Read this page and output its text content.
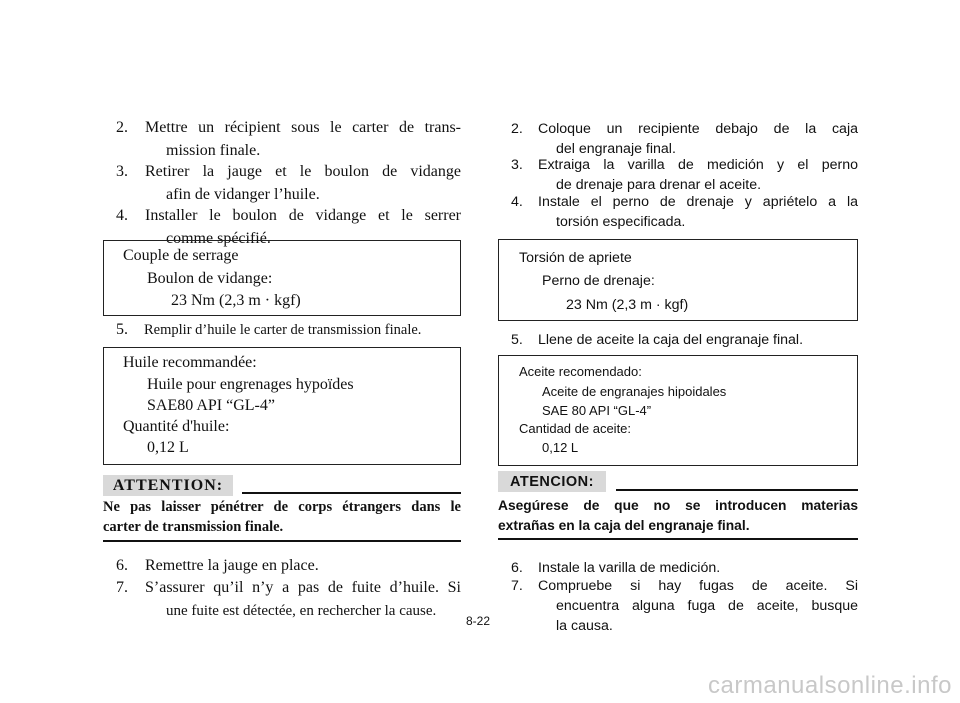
2. Mettre un récipient sous le carter de trans-
mission finale.
3. Retirer la jauge et le boulon de vidange
afin de vidanger l’huile.
4. Installer le boulon de vidange et le serrer
comme spécifié.
Couple de serrage
Boulon de vidange:
23 Nm (2,3 m · kgf)
5. Remplir d’huile le carter de transmission finale.
Huile recommandée:
Huile pour engrenages hypoïdes
SAE80 API “GL-4”
Quantité d'huile:
0,12 L
ATTENTION:
Ne pas laisser pénétrer de corps étrangers dans le
carter de transmission finale.
6. Remettre la jauge en place.
7. S’assurer qu’il n’y a pas de fuite d’huile. Si
une fuite est détectée, en rechercher la cause.
2. Coloque un recipiente debajo de la caja
del engranaje final.
3. Extraiga la varilla de medición y el perno
de drenaje para drenar el aceite.
4. Instale el perno de drenaje y apriételo a la
torsión especificada.
Torsión de apriete
Perno de drenaje:
23 Nm (2,3 m · kgf)
5. Llene de aceite la caja del engranaje final.
Aceite recomendado:
Aceite de engranajes hipoidales
SAE 80 API “GL-4”
Cantidad de aceite:
0,12 L
ATENCION:
Asegúrese de que no se introducen materias
extrañas en la caja del engranaje final.
6. Instale la varilla de medición.
7. Compruebe si hay fugas de aceite. Si
encuentra alguna fuga de aceite, busque
la causa.
8-22
carmanualsonline.info
